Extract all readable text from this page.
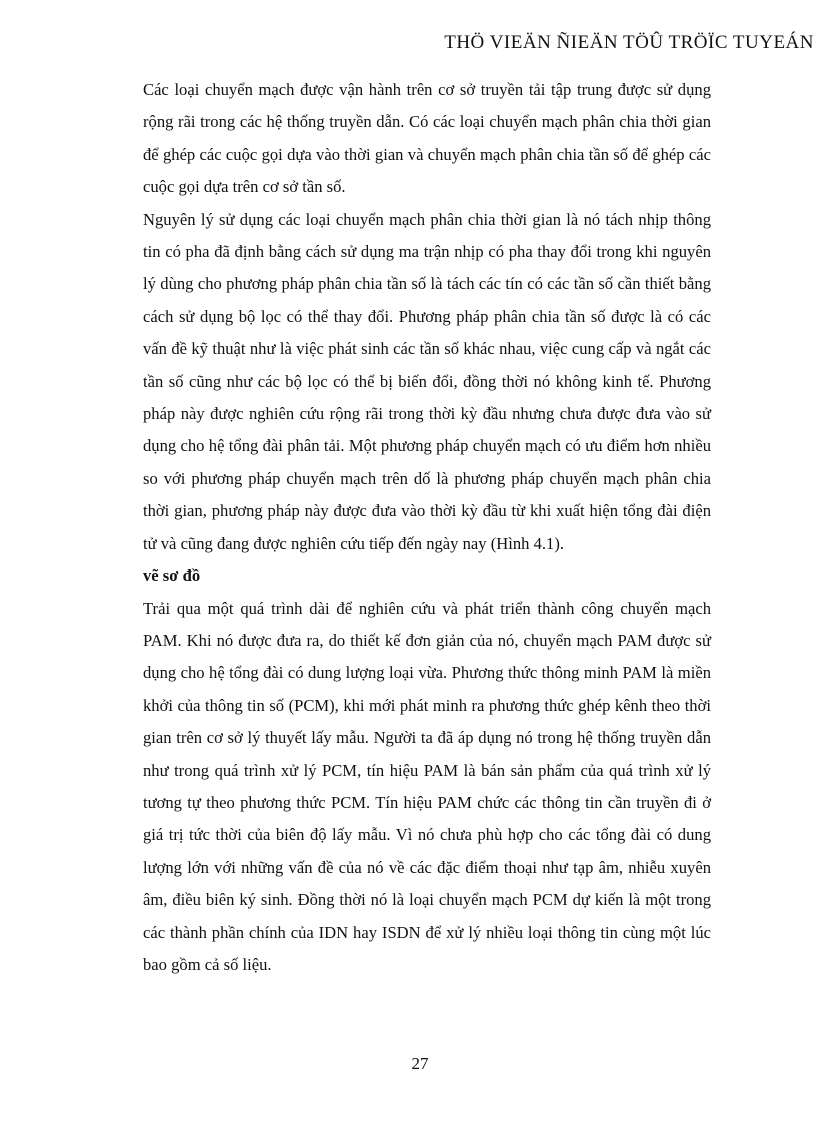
THÖ VIEÄN ÑIEÄN TÖÛ TRÖÏC TUYEÁN

Các loại chuyển mạch được vận hành trên cơ sở truyền tải tập trung được sử dụng rộng rãi trong các hệ thống truyền dẫn. Có các loại chuyển mạch phân chia thời gian để ghép các cuộc gọi dựa vào thời gian và chuyển mạch phân chia tần số để ghép các cuộc gọi dựa trên cơ sở tần số.

Nguyên lý sử dụng các loại chuyển mạch phân chia thời gian là nó tách nhịp thông tin có pha đã định bằng cách sử dụng ma trận nhịp có pha thay đổi trong khi nguyên lý dùng cho phương pháp phân chia tần số là tách các tín có các tần số cần thiết bằng cách sử dụng bộ lọc có thể thay đổi. Phương pháp phân chia tần số được là có các vấn đề kỹ thuật như là việc phát sinh các tần số khác nhau, việc cung cấp và ngắt các tần số cũng như các bộ lọc có thể bị biến đổi, đồng thời nó không kinh tế. Phương pháp này được nghiên cứu rộng rãi trong thời kỳ đầu nhưng chưa được đưa vào sử dụng cho hệ tổng đài phân tải. Một phương pháp chuyển mạch có ưu điểm hơn nhiều so với phương pháp chuyển mạch trên dố là phương pháp chuyển mạch phân chia thời gian, phương pháp này được đưa vào thời kỳ đầu từ khi xuất hiện tổng đài điện tử và cũng đang được nghiên cứu tiếp đến ngày nay (Hình 4.1).

vẽ sơ đồ

Trải qua một quá trình dài để nghiên cứu và phát triển thành công chuyển mạch PAM. Khi nó được đưa ra, do thiết kế đơn giản của nó, chuyển mạch PAM được sử dụng cho hệ tổng đài có dung lượng loại vừa. Phương thức thông minh PAM là miền khởi của thông tin số (PCM), khi mới phát minh ra phương thức ghép kênh theo thời gian trên cơ sở lý thuyết lấy mẫu. Người ta đã áp dụng nó trong hệ thống truyền dẫn như trong quá trình xử lý PCM, tín hiệu PAM là bán sản phẩm của quá trình xử lý tương tự theo phương thức PCM. Tín hiệu PAM chức các thông tin cần truyền đi ở giá trị tức thời của biên độ lấy mẫu. Vì nó chưa phù hợp cho các tổng đài có dung lượng lớn với những vấn đề của nó về các đặc điểm thoại như tạp âm, nhiễu xuyên âm, điều biên ký sinh. Đồng thời nó là loại chuyển mạch PCM dự kiến là một trong các thành phần chính của IDN hay ISDN để xử lý nhiều loại thông tin cùng một lúc bao gồm cả số liệu.

27
